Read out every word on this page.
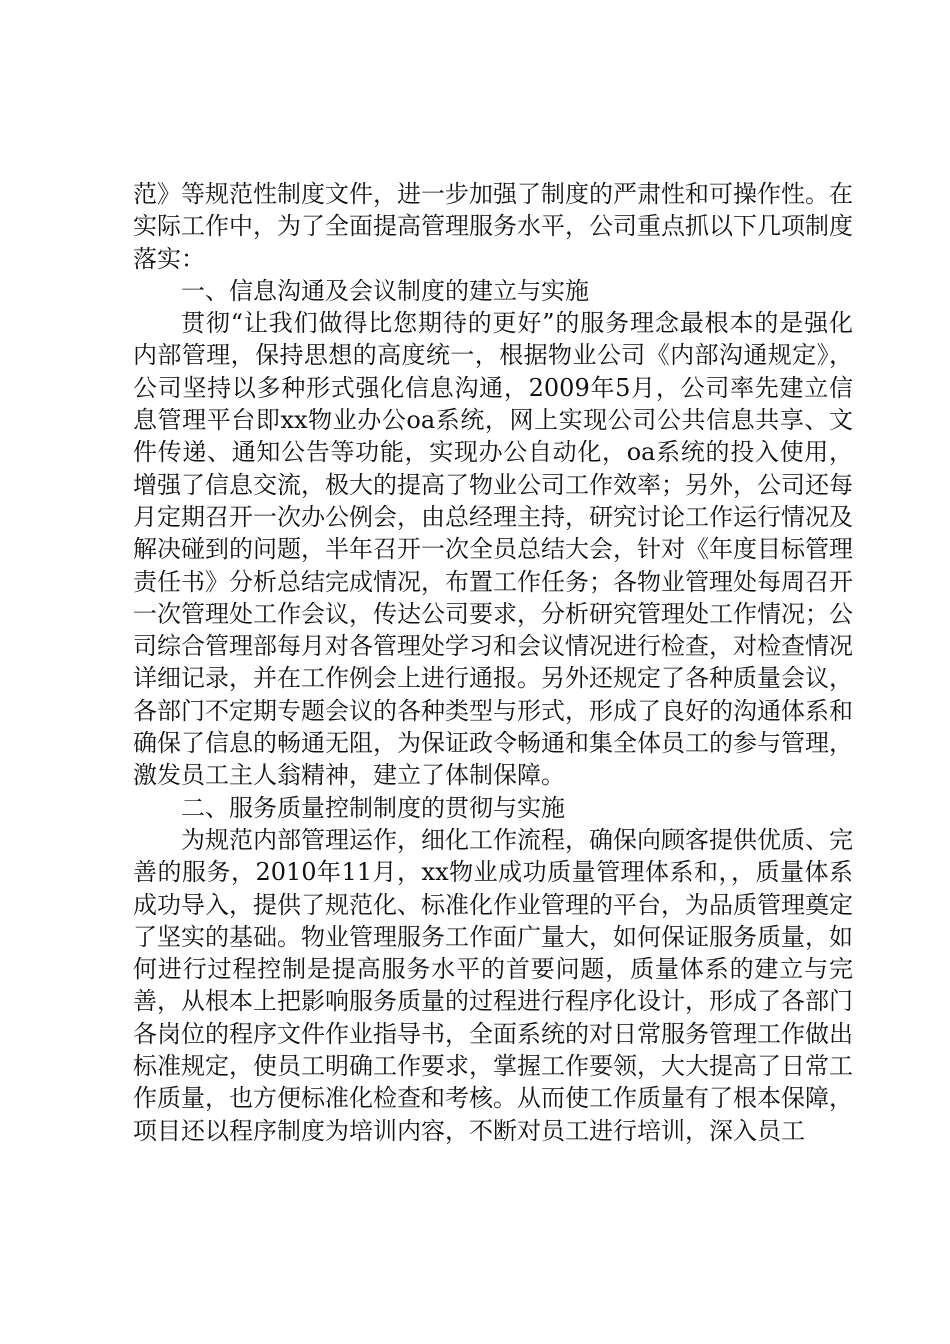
范》等规范性制度文件，进一步加强了制度的严肃性和可操作性。在实际工作中，为了全面提高管理服务水平，公司重点抓以下几项制度落实：

一、信息沟通及会议制度的建立与实施

贯彻“让我们做得比您期待的更好”的服务理念最根本的是强化内部管理，保持思想的高度统一，根据物业公司《内部沟通规定》，公司坚持以多种形式强化信息沟通，2009年5月，公司率先建立信息管理平台即xx物业办公oa系统，网上实现公司公共信息共享、文件传递、通知公告等功能，实现办公自动化，oa系统的投入使用，增强了信息交流，极大的提高了物业公司工作效率；另外，公司还每月定期召开一次办公例会，由总经理主持，研究讨论工作运行情况及解决碰到的问题，半年召开一次全员总结大会，针对《年度目标管理责任书》分析总结完成情况，布置工作任务；各物业管理处每周召开一次管理处工作会议，传达公司要求，分析研究管理处工作情况；公司综合管理部每月对各管理处学习和会议情况进行检查，对检查情况详细记录，并在工作例会上进行通报。另外还规定了各种质量会议，各部门不定期专题会议的各种类型与形式，形成了良好的沟通体系和确保了信息的畅通无阻，为保证政令畅通和集全体员工的参与管理，激发员工主人翁精神，建立了体制保障。

二、服务质量控制制度的贯彻与实施

为规范内部管理运作，细化工作流程，确保向顾客提供优质、完善的服务，2010年11月，xx物业成功质量管理体系和，，质量体系成功导入，提供了规范化、标准化作业管理的平台，为品质管理奠定了坚实的基础。物业管理服务工作面广量大，如何保证服务质量，如何进行过程控制是提高服务水平的首要问题，质量体系的建立与完善，从根本上把影响服务质量的过程进行程序化设计，形成了各部门各岗位的程序文件作业指导书，全面系统的对日常服务管理工作做出标准规定，使员工明确工作要求，掌握工作要领，大大提高了日常工作质量，也方便标准化检查和考核。从而使工作质量有了根本保障，项目还以程序制度为培训内容，不断对员工进行培训，深入员工
